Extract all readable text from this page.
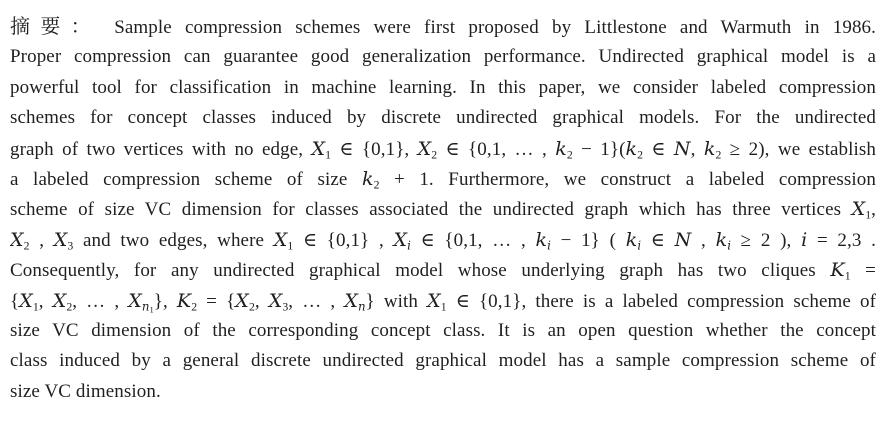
摘要： Sample compression schemes were first proposed by Littlestone and Warmuth in 1986.
Proper compression can guarantee good generalization performance. Undirected graphical model is a
powerful tool for classification in machine learning. In this paper, we consider labeled compression
schemes for concept classes induced by discrete undirected graphical models. For the undirected
graph of two vertices with no edge, $X_1$ ∈ {0,1}, $X_2$ ∈ {0,1, … , $k_2 - 1\}(k_2$ ∈ N, $k_2 \ge 2$), we establish
a labeled compression scheme of size $k_2 + 1$. Furthermore, we construct a labeled compression
scheme of size VC dimension for classes associated the undirected graph which has three vertices $X_1$,
$X_2$ , $X_3$ and two edges, where $X_1$ ∈ {0,1} , $X_i$ ∈ {0,1, … , $k_i - 1$} ( $k_i$ ∈ N , $k_i \ge 2$ ), i = 2,3 .
Consequently, for any undirected graphical model whose underlying graph has two cliques $K_1$ =
{$X_1$, $X_2$, … , $X_{n1}$}, $K_2 = \{X_2$, $X_3$, … , $X_n$} with $X_1$ ∈ {0,1}, there is a labeled compression scheme of
size VC dimension of the corresponding concept class. It is an open question whether the concept
class induced by a general discrete undirected graphical model has a sample compression scheme of
size VC dimension.
